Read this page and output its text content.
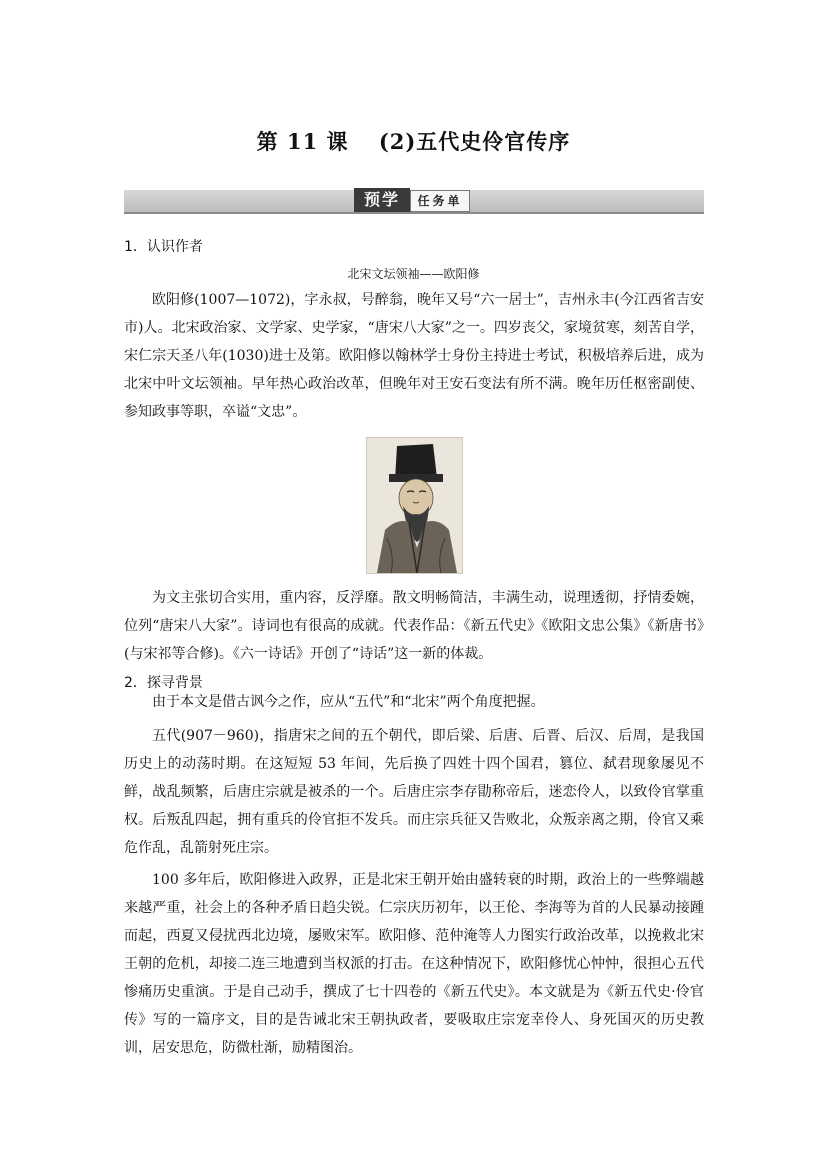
第 11 课　 (2)五代史伶官传序
预学	任务单
1．认识作者
北宋文坛领袖——欧阳修

欧阳修(1007—1072)，字永叔，号醉翁，晚年又号“六一居士”，吉州永丰(今江西省吉安市)人。北宋政治家、文学家、史学家，“唐宋八大家”之一。四岁丧父，家境贫寒，刻苦自学，宋仁宗天圣八年(1030)进士及第。欧阳修以翰林学士身份主持进士考试，积极培养后进，成为北宋中叶文坛领袖。早年热心政治改革，但晚年对王安石变法有所不满。晚年历任枢密副使、参知政事等职，卒谥“文忠”。

为文主张切合实用，重内容，反浮靡。散文明畅简洁，丰满生动，说理透彻，抒情委婉，位列“唐宋八大家”。诗词也有很高的成就。代表作品：《新五代史》《欧阳文忠公集》《新唐书》(与宋祁等合修)。《六一诗话》开创了“诗话”这一新的体裁。

2．探寻背景

由于本文是借古讽今之作，应从“五代”和“北宋”两个角度把握。

五代(907－960)，指唐宋之间的五个朝代，即后梁、后唐、后晋、后汉、后周，是我国历史上的动荡时期。在这短短 53 年间，先后换了四姓十四个国君，篡位、弑君现象屡见不鲜，战乱频繁，后唐庄宗就是被杀的一个。后唐庄宗李存勖称帝后，迷恋伶人，以致伶官掌重权。后叛乱四起，拥有重兵的伶官拒不发兵。而庄宗兵征又告败北，众叛亲离之期，伶官又乘危作乱，乱箭射死庄宗。

100 多年后，欧阳修进入政界，正是北宋王朝开始由盛转衰的时期，政治上的一些弊端越来越严重，社会上的各种矛盾日趋尖锐。仁宗庆历初年，以王伦、李海等为首的人民暴动接踵而起，西夏又侵扰西北边境，屡败宋军。欧阳修、范仲淹等人力图实行政治改革，以挽救北宋王朝的危机，却接二连三地遭到当权派的打击。在这种情况下，欧阳修忧心忡忡，很担心五代惨痛历史重演。于是自己动手，撰成了七十四卷的《新五代史》。本文就是为《新五代史·伶官传》写的一篇序文，目的是告诫北宋王朝执政者，要吸取庄宗宠幸伶人、身死国灭的历史教训，居安思危，防微杜渐，励精图治。
